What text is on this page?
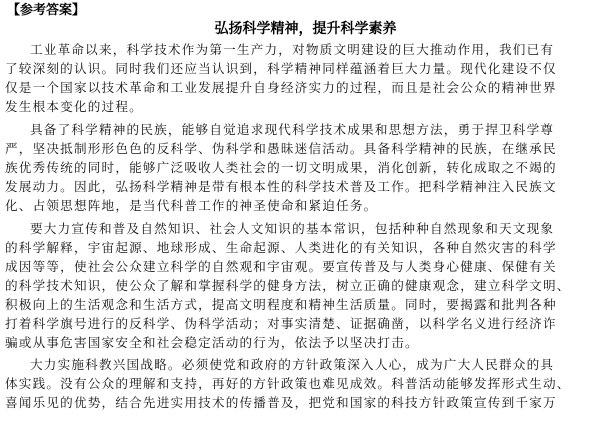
【参考答案】
弘扬科学精神，提升科学素养
工业革命以来，科学技术作为第一生产力，对物质文明建设的巨大推动作用，我们已有
了较深刻的认识。同时我们还应当认识到，科学精神同样蕴涵着巨大力量。现代化建设不仅
仅是一个国家以技术革命和工业发展提升自身经济实力的过程，而且是社会公众的精神世界
发生根本变化的过程。
具备了科学精神的民族，能够自觉追求现代科学技术成果和思想方法，勇于捍卫科学尊
严，坚决抵制形形色色的反科学、伪科学和愚昧迷信活动。具备科学精神的民族，在继承民
族优秀传统的同时，能够广泛吸收人类社会的一切文明成果，消化创新，转化成取之不竭的
发展动力。因此，弘扬科学精神是带有根本性的科学技术普及工作。把科学精神注入民族文
化、占领思想阵地，是当代科普工作的神圣使命和紧迫任务。
要大力宣传和普及自然知识、社会人文知识的基本常识，包括种种自然现象和天文现象
的科学解释，宇宙起源、地球形成、生命起源、人类进化的有关知识，各种自然灾害的科学
成因等等，使社会公众建立科学的自然观和宇宙观。要宣传普及与人类身心健康、保健有关
的科学技术知识，使公众了解和掌握科学的健身方法，树立正确的健康观念，建立科学文明、
积极向上的生活观念和生活方式，提高文明程度和精神生活质量。同时，要揭露和批判各种
打着科学旗号进行的反科学、伪科学活动；对事实清楚、证据确凿，以科学名义进行经济诈
骗或从事危害国家安全和社会稳定活动的行为，依法予以坚决打击。
大力实施科教兴国战略。必须使党和政府的方针政策深入人心，成为广大人民群众的具
体实践。没有公众的理解和支持，再好的方针政策也难见成效。科普活动能够发挥形式生动、
喜闻乐见的优势，结合先进实用技术的传播普及，把党和国家的科技方针政策宣传到千家万
